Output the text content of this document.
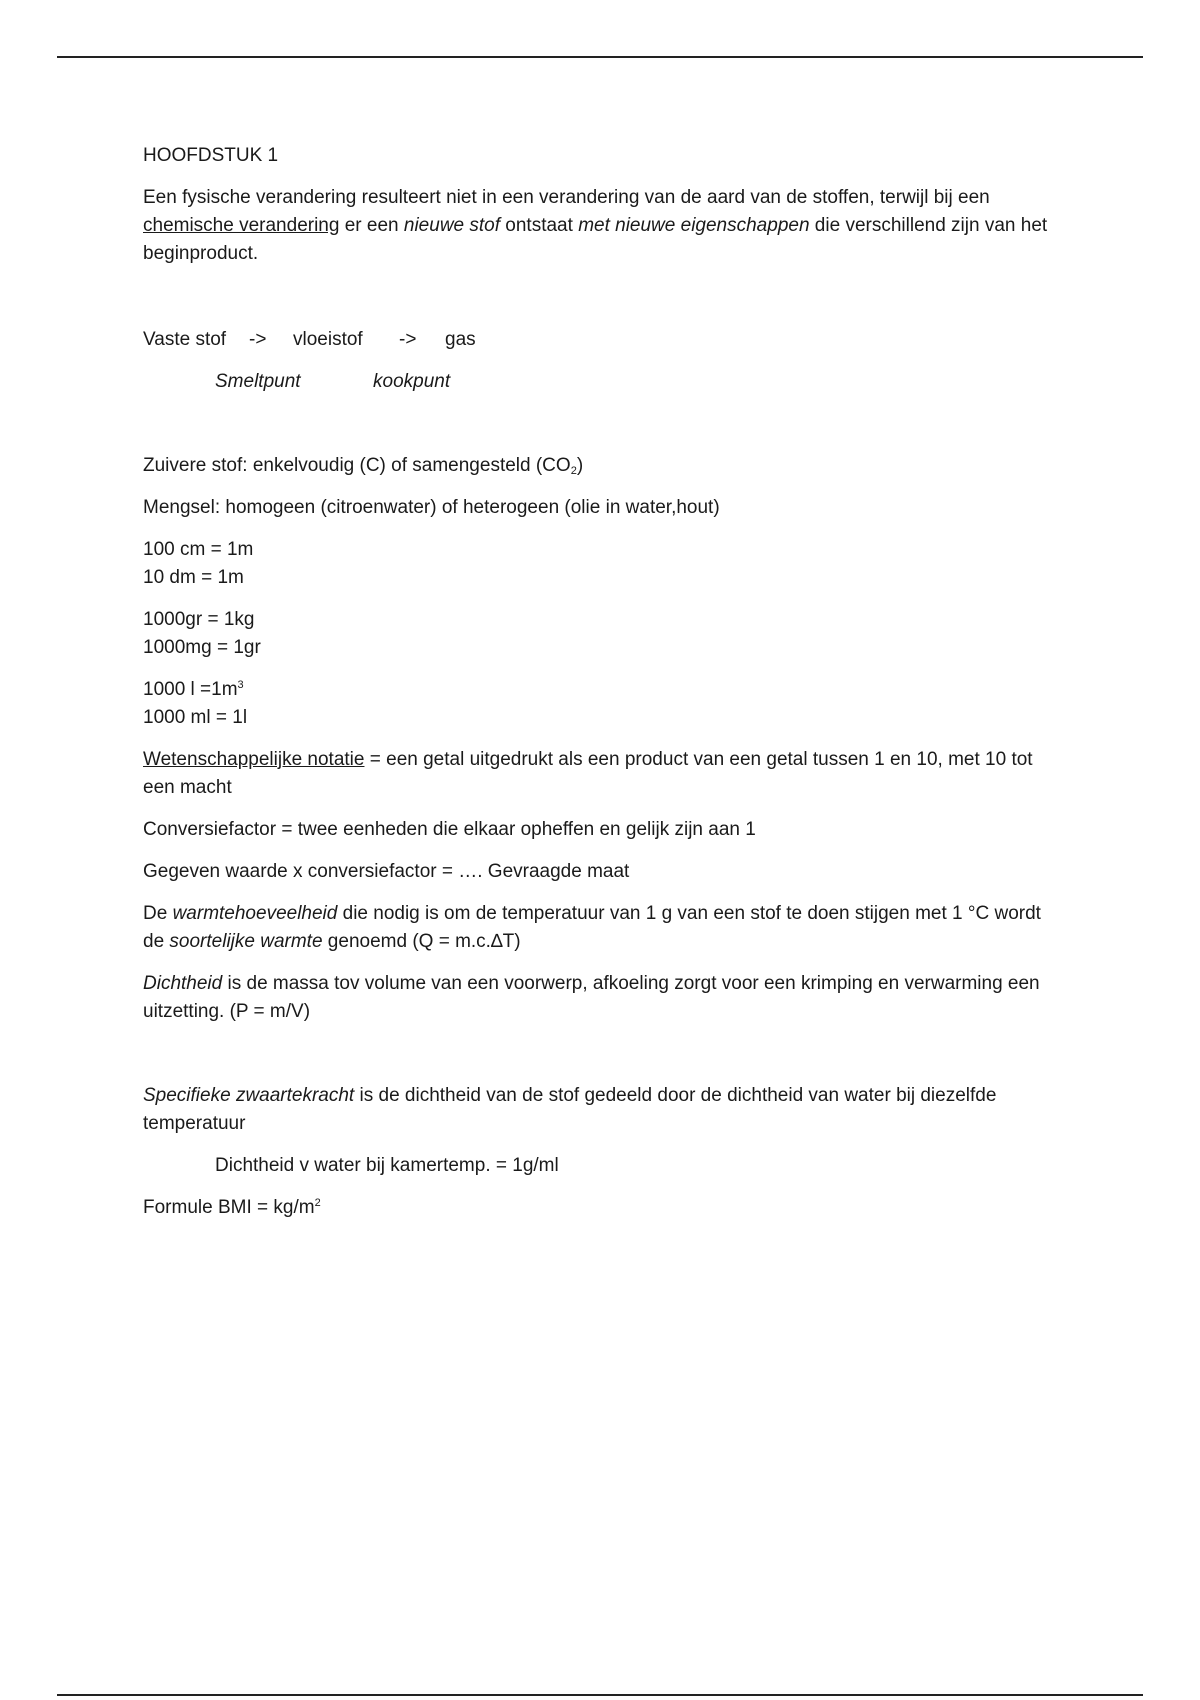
HOOFDSTUK 1

Een fysische verandering resulteert niet in een verandering van de aard van de stoffen, terwijl bij een chemische verandering er een nieuwe stof ontstaat met nieuwe eigenschappen die verschillend zijn van het beginproduct.

Vaste stof -> vloeistof -> gas

Smeltpunt	kookpunt

Zuivere stof: enkelvoudig (C) of samengesteld $(CO_2)$

Mengsel: homogeen (citroenwater) of heterogeen (olie in water,hout)

100 cm = 1m

10 dm = 1m

1000gr = 1kg

1000mg = 1gr

1000 $l =1m^3$

1000 ml = 1l

Wetenschappelijke notatie = een getal uitgedrukt als een product van een getal tussen 1 en 10, met 10 tot een macht

Conversiefactor = twee eenheden die elkaar opheffen en gelijk zijn aan 1

Gegeven waarde x conversiefactor = …. Gevraagde maat

De warmtehoeveelheid die nodig is om de temperatuur van 1 g van een stof te doen stijgen met 1 °C wordt de soortelijke warmte genoemd (Q = m.c.∆T)

Dichtheid is de massa tov volume van een voorwerp, afkoeling zorgt voor een krimping en verwarming een uitzetting. (P = m/V)

Specifieke zwaartekracht is de dichtheid van de stof gedeeld door de dichtheid van water bij diezelfde temperatuur

Dichtheid v water bij kamertemp. = 1g/ml

Formule BMI = $kg/m^2$
